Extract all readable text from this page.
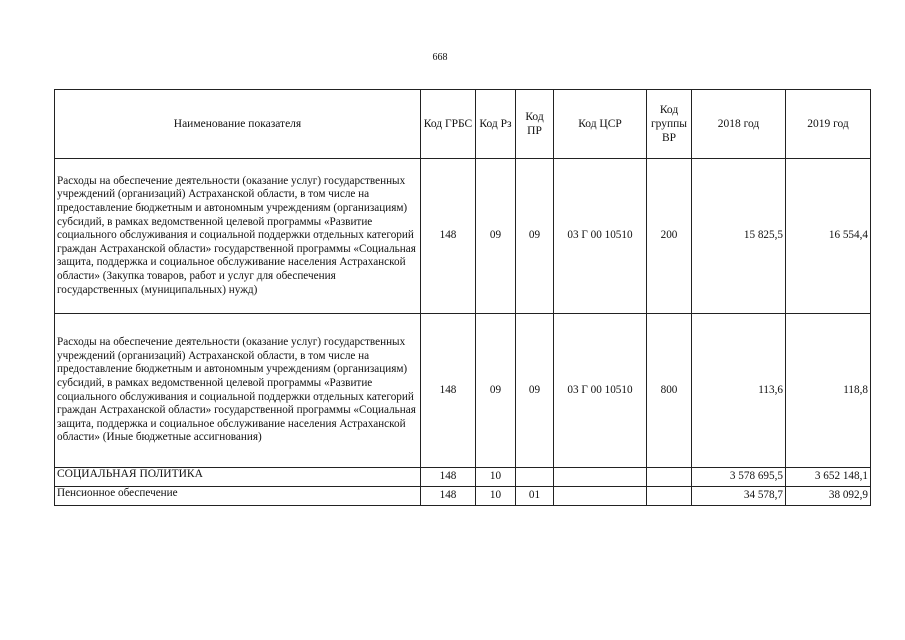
668
Наименование показателя	Код ГРБС	Код Рз	Код ПР	Код ЦСР	Код группы ВР	2018 год	2019 год
Расходы на обеспечение деятельности (оказание услуг) государственных учреждений (организаций) Астраханской области, в том числе на предоставление бюджетным и автономным учреждениям (организациям) субсидий, в рамках ведомственной целевой программы «Развитие социального обслуживания и социальной поддержки отдельных категорий граждан Астраханской области» государственной программы «Социальная защита, поддержка и социальное обслуживание населения Астраханской области» (Закупка товаров, работ и услуг для обеспечения государственных (муниципальных) нужд)	148	09	09	03 Г 00 10510	200	15 825,5	16 554,4
Расходы на обеспечение деятельности (оказание услуг) государственных учреждений (организаций) Астраханской области, в том числе на предоставление бюджетным и автономным учреждениям (организациям) субсидий, в рамках ведомственной целевой программы «Развитие социального обслуживания и социальной поддержки отдельных категорий граждан Астраханской области» государственной программы «Социальная защита, поддержка и социальное обслуживание населения Астраханской области» (Иные бюджетные ассигнования)	148	09	09	03 Г 00 10510	800	113,6	118,8
СОЦИАЛЬНАЯ ПОЛИТИКА	148	10				3 578 695,5	3 652 148,1
Пенсионное обеспечение	148	10	01			34 578,7	38 092,9
